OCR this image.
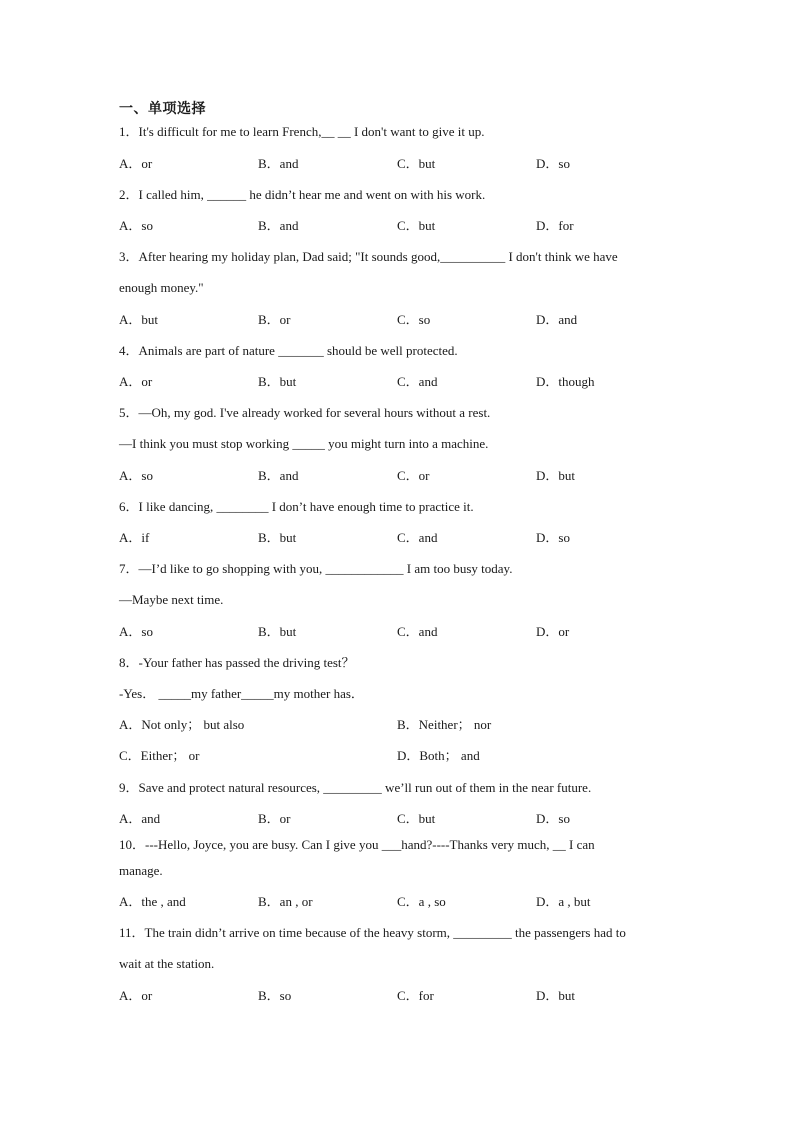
一、单项选择
1．It's difficult for me to learn French,__ __ I don't want to give it up.
A．or	B．and	C．but	D．so
2．I called him, ______ he didn’t hear me and went on with his work.
A．so	B．and	C．but	D．for
3．After hearing my holiday plan, Dad said; "It sounds good,__________ I don't think we have
enough money."
A．but	B．or	C．so	D．and
4．Animals are part of nature _______ should be well protected.
A．or	B．but	C．and	D．though
5．—Oh, my god. I've already worked for several hours without a rest.
—I think you must stop working _____ you might turn into a machine.
A．so	B．and	C．or	D．but
6．I like dancing, ________ I don’t have enough time to practice it.
A．if	B．but	C．and	D．so
7．—I’d like to go shopping with you, ____________ I am too busy today.
—Maybe next time.
A．so	B．but	C．and	D．or
8．-Your father has passed the driving test？
-Yes． _____my father_____my mother has．
A．Not only； but also	B．Neither； nor
C．Either； or	D．Both； and
9．Save and protect natural resources, _________ we’ll run out of them in the near future.
A．and	B．or	C．but	D．so
10．---Hello, Joyce, you are busy. Can I give you ___hand?----Thanks very much, __ I can
manage.
A．the , and	B．an , or	C．a , so	D．a , but
11．The train didn’t arrive on time because of the heavy storm, _________ the passengers had to
wait at the station.
A．or	B．so	C．for	D．but
